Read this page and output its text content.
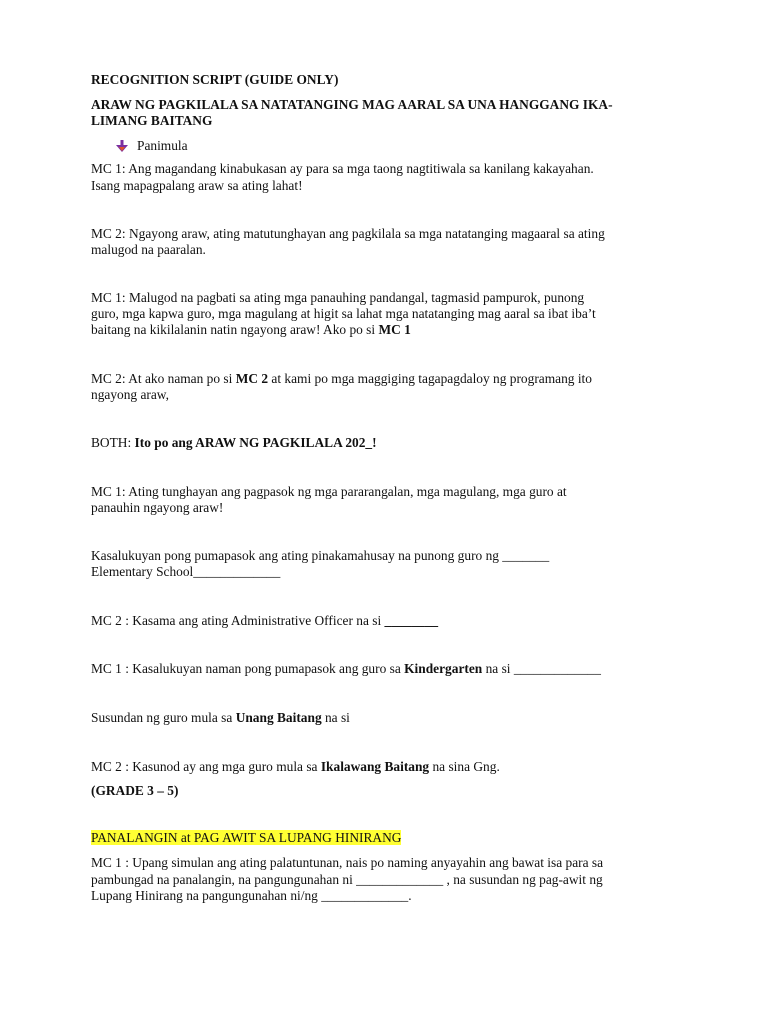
RECOGNITION SCRIPT (GUIDE ONLY)
ARAW NG PAGKILALA SA NATATANGING MAG AARAL SA UNA HANGGANG IKA-
LIMANG BAITANG
Panimula
MC 1: Ang magandang kinabukasan ay para sa mga taong nagtitiwala sa kanilang kakayahan.
Isang mapagpalang araw sa ating lahat!
MC 2: Ngayong araw, ating matutunghayan ang pagkilala sa mga natatanging magaaral sa ating
malugod na paaralan.
MC 1: Malugod na pagbati sa ating mga panauhing pandangal, tagmasid pampurok, punong
guro, mga kapwa guro, mga magulang at higit sa lahat mga natatanging mag aaral sa ibat iba’t
baitang na kikilalanin natin ngayong araw! Ako po si MC 1
MC 2: At ako naman po si MC 2 at kami po mga maggiging tagapagdaloy ng programang ito
ngayong araw,
BOTH: Ito po ang ARAW NG PAGKILALA 202_!
MC 1: Ating tunghayan ang pagpasok ng mga pararangalan, mga magulang, mga guro at
panauhin ngayong araw!
Kasalukuyan pong pumapasok ang ating pinakamahusay na punong guro ng _______
Elementary School_____________
MC 2 : Kasama ang ating Administrative Officer na si ________
MC 1 : Kasalukuyan naman pong pumapasok ang guro sa Kindergarten na si _____________
Susundan ng guro mula sa Unang Baitang na si
MC 2 : Kasunod ay ang mga guro mula sa Ikalawang Baitang na sina Gng.
(GRADE 3 – 5)
PANALANGIN at PAG AWIT SA LUPANG HINIRANG
MC 1 : Upang simulan ang ating palatuntunan, nais po naming anyayahin ang bawat isa para sa
pambungad na panalangin, na pangungunahan ni _____________ , na susundan ng pag-awit ng
Lupang Hinirang na pangungunahan ni/ng _____________.
